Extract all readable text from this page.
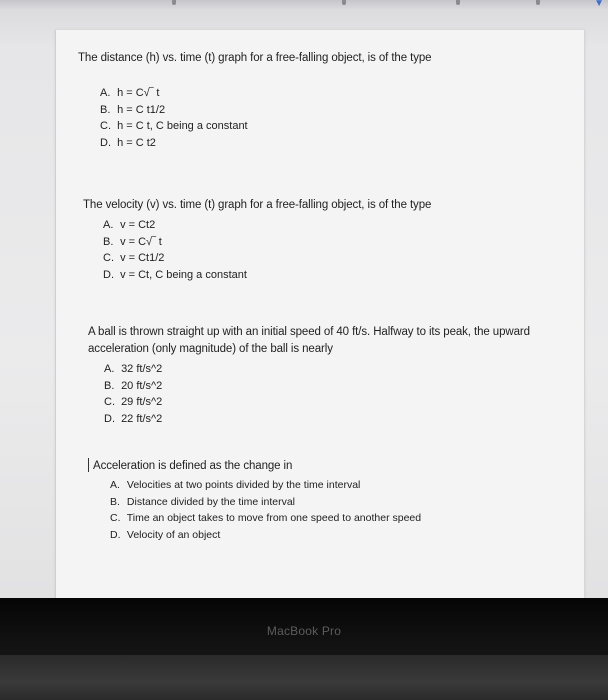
▼
The distance (h) vs. time (t) graph for a free-falling object, is of the type
A. h = C√‾ t
B. h = C t1/2
C. h = C t, C being a constant
D. h = C t2
The velocity (v) vs. time (t) graph for a free-falling object, is of the type
A. v = Ct2
B. v = C√‾ t
C. v = Ct1/2
D. v = Ct, C being a constant
A ball is thrown straight up with an initial speed of 40 ft/s. Halfway to its peak, the upward acceleration (only magnitude) of the ball is nearly
A. 32 ft/s^2
B. 20 ft/s^2
C. 29 ft/s^2
D. 22 ft/s^2
Acceleration is defined as the change in
A. Velocities at two points divided by the time interval
B. Distance divided by the time interval
C. Time an object takes to move from one speed to another speed
D. Velocity of an object
MacBook Pro
